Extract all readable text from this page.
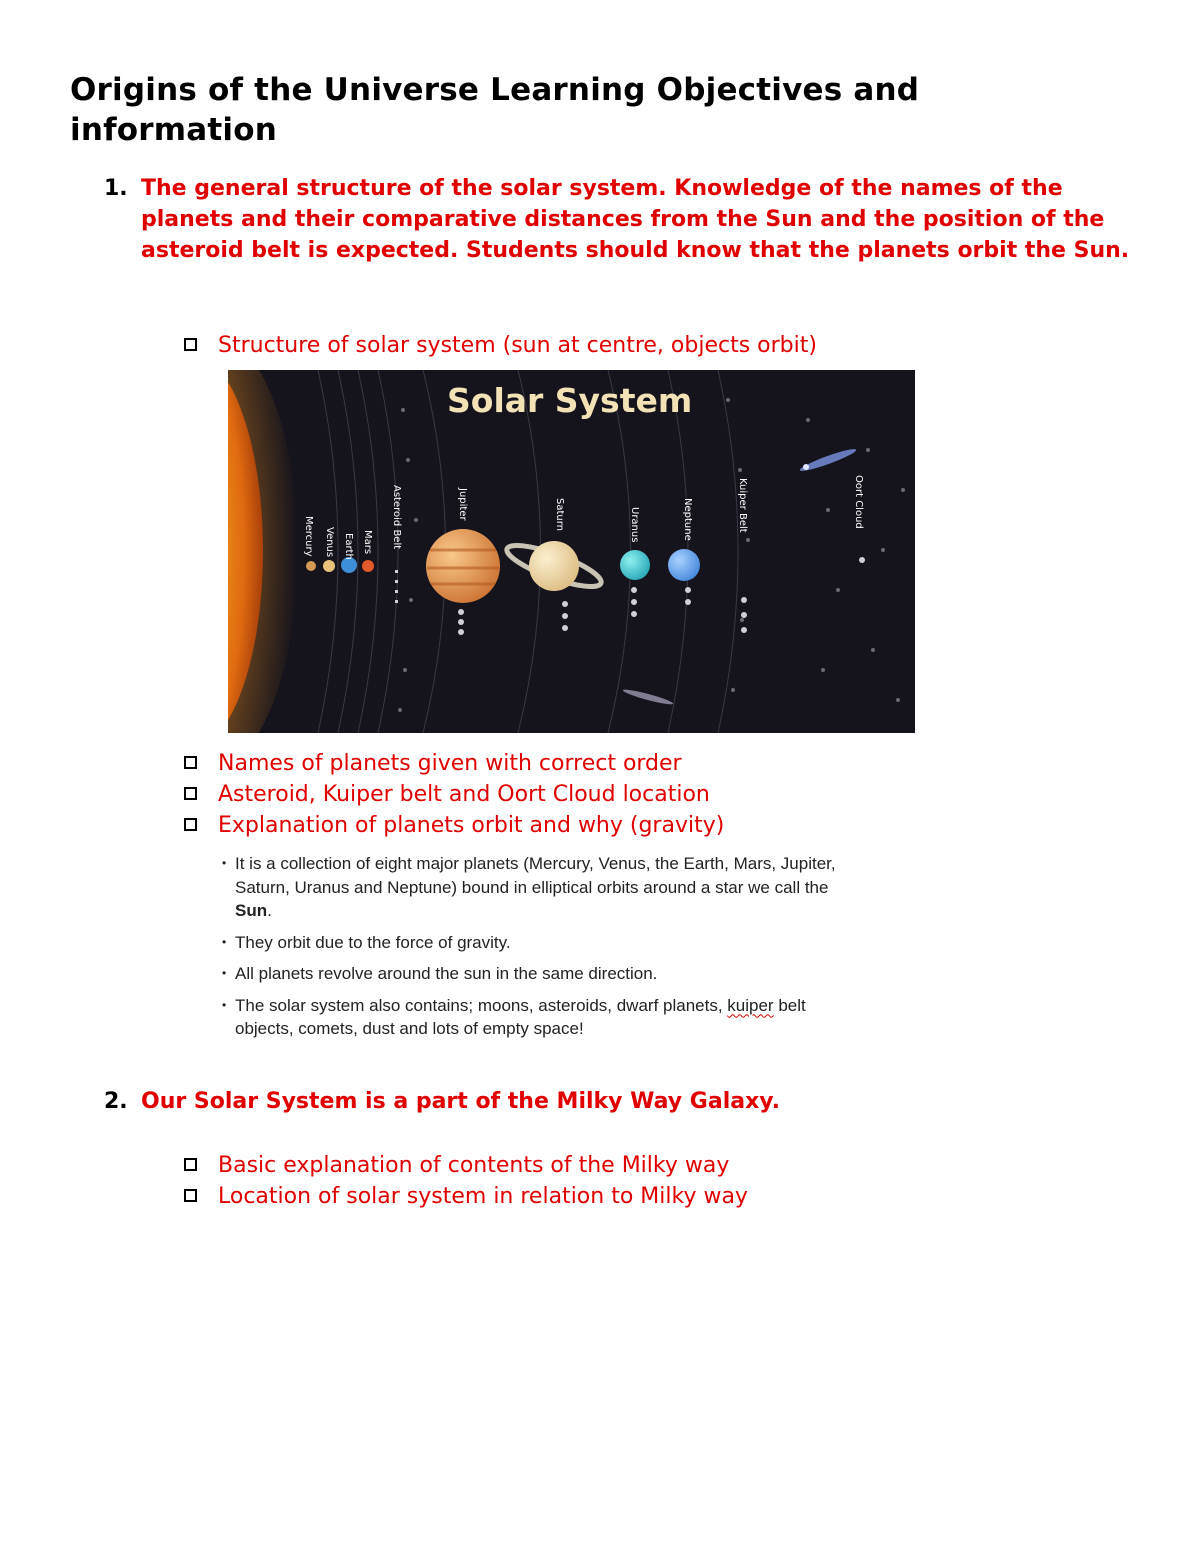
Origins of the Universe Learning Objectives and information
1. The general structure of the solar system. Knowledge of the names of the planets and their comparative distances from the Sun and the position of the asteroid belt is expected. Students should know that the planets orbit the Sun.
Structure of solar system (sun at centre, objects orbit)
Solar System
Mercury Venus Earth Mars Asteroid Belt	Jupiter	Saturn	Uranus	Neptune	Kuiper Belt	Oort Cloud
Names of planets given with correct order
Asteroid, Kuiper belt and Oort Cloud location
Explanation of planets orbit and why (gravity)
• It is a collection of eight major planets (Mercury, Venus, the Earth, Mars, Jupiter, Saturn, Uranus and Neptune) bound in elliptical orbits around a star we call the Sun.
• They orbit due to the force of gravity.
• All planets revolve around the sun in the same direction.
• The solar system also contains; moons, asteroids, dwarf planets, kuiper belt objects, comets, dust and lots of empty space!
2. Our Solar System is a part of the Milky Way Galaxy.
Basic explanation of contents of the Milky way
Location of solar system in relation to Milky way
